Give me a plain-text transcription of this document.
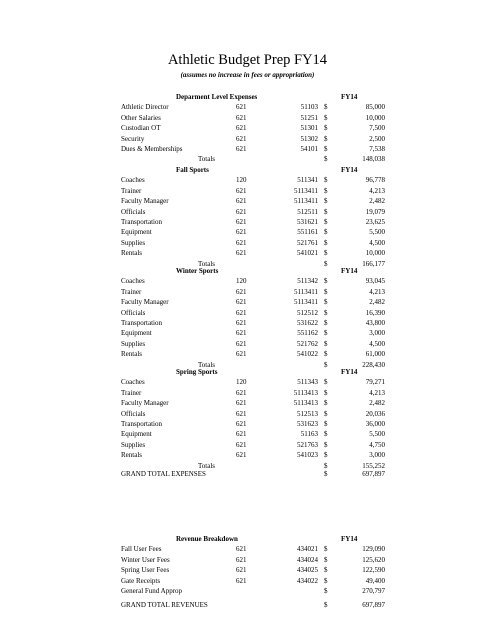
Athletic Budget Prep FY14
(assumes no increase in fees or appropriation)
Deparment Level Expenses	FY14
Athletic Director	621	51103 $	85,000
Other Salaries	621	51251 $	10,000
Custodian OT	621	51301 $	7,500
Security	621	51302 $	2,500
Dues & Memberships	621	54101 $	7,538
Totals	$	148,038
Fall Sports	FY14
Coaches	120	511341 $	96,778
Trainer	621	5113411 $	4,213
Faculty Manager	621	5113411 $	2,482
Officials	621	512511 $	19,079
Transportation	621	531621 $	23,625
Equipment	621	551161 $	5,500
Supplies	621	521761 $	4,500
Rentals	621	541021 $	10,000
Totals	$	166,177
Winter Sports	FY14
Coaches	120	511342 $	93,045
Trainer	621	5113411 $	4,213
Faculty Manager	621	5113411 $	2,482
Officials	621	512512 $	16,390
Transportation	621	531622 $	43,800
Equipment	621	551162 $	3,000
Supplies	621	521762 $	4,500
Rentals	621	541022 $	61,000
Totals	$	228,430
Spring Sports	FY14
Coaches	120	511343 $	79,271
Trainer	621	5113413 $	4,213
Faculty Manager	621	5113413 $	2,482
Officials	621	512513 $	20,036
Transportation	621	531623 $	36,000
Equipment	621	51163 $	5,500
Supplies	621	521763 $	4,750
Rentals	621	541023 $	3,000
Totals	$	155,252
GRAND TOTAL EXPENSES	$	697,897
Revenue Breakdown	FY14
Fall User Fees	621	434021 $	129,090
Winter User Fees	621	434024 $	125,620
Spring User Fees	621	434025 $	122,590
Gate Receipts	621	434022 $	49,400
General Fund Approp	$	270,797
GRAND TOTAL REVENUES	$	697,897
